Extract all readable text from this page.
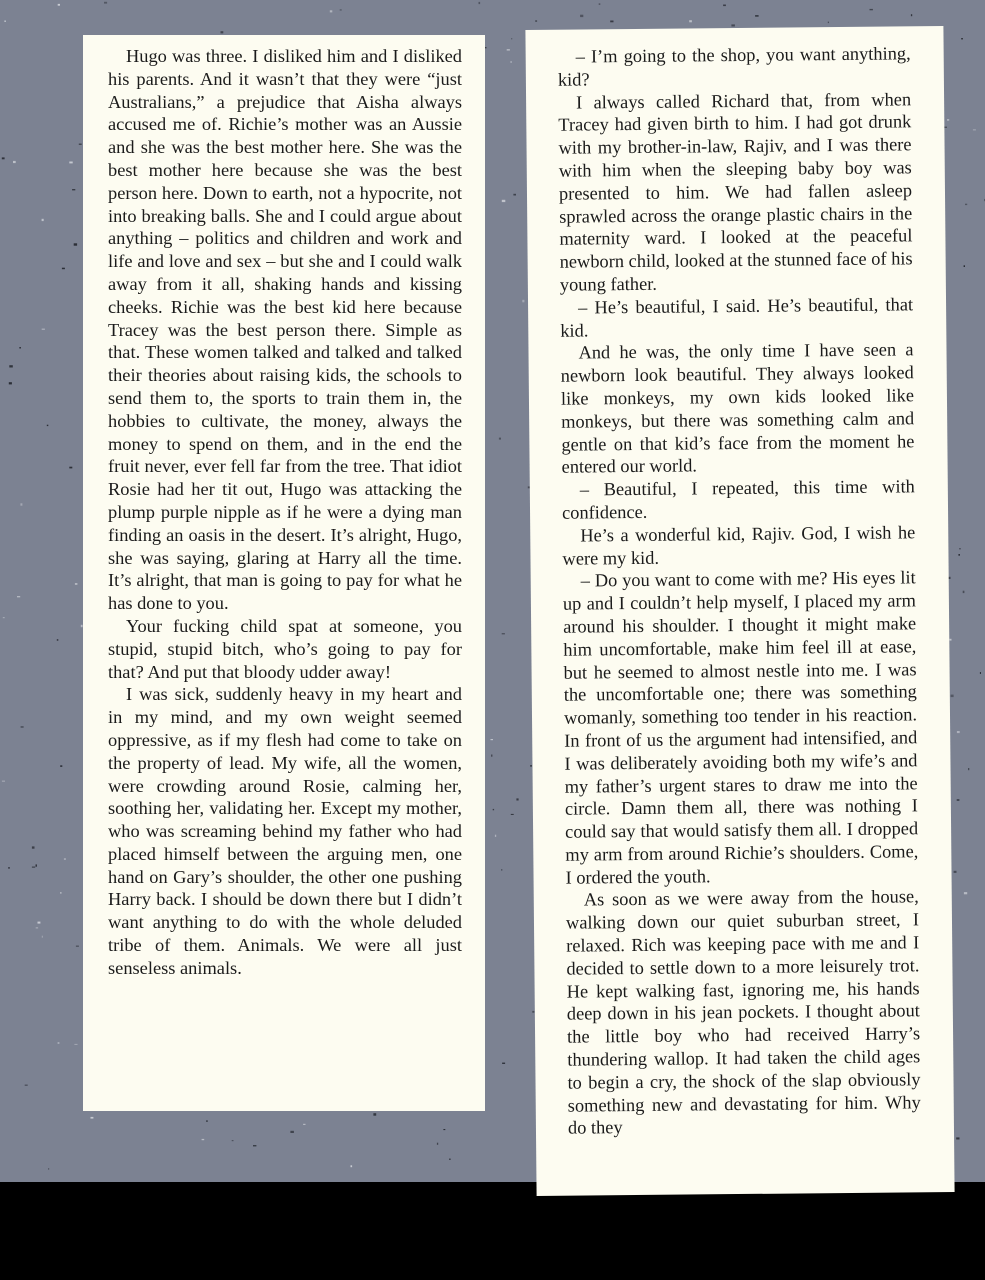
Hugo was three. I disliked him and I disliked his parents. And it wasn’t that they were “just Australians,” a prejudice that Aisha always accused me of. Richie’s mother was an Aussie and she was the best mother here. She was the best mother here because she was the best person here. Down to earth, not a hypocrite, not into breaking balls. She and I could argue about anything – politics and children and work and life and love and sex – but she and I could walk away from it all, shaking hands and kissing cheeks. Richie was the best kid here because Tracey was the best person there. Simple as that. These women talked and talked and talked their theories about raising kids, the schools to send them to, the sports to train them in, the hobbies to cultivate, the money, always the money to spend on them, and in the end the fruit never, ever fell far from the tree. That idiot Rosie had her tit out, Hugo was attacking the plump purple nipple as if he were a dying man finding an oasis in the desert. It’s alright, Hugo, she was saying, glaring at Harry all the time. It’s alright, that man is going to pay for what he has done to you.

Your fucking child spat at someone, you stupid, stupid bitch, who’s going to pay for that? And put that bloody udder away!

I was sick, suddenly heavy in my heart and in my mind, and my own weight seemed oppressive, as if my flesh had come to take on the property of lead. My wife, all the women, were crowding around Rosie, calming her, soothing her, validating her. Except my mother, who was screaming behind my father who had placed himself between the arguing men, one hand on Gary’s shoulder, the other one pushing Harry back. I should be down there but I didn’t want anything to do with the whole deluded tribe of them. Animals. We were all just senseless animals.

– I’m going to the shop, you want anything, kid?

I always called Richard that, from when Tracey had given birth to him. I had got drunk with my brother-in-law, Rajiv, and I was there with him when the sleeping baby boy was presented to him. We had fallen asleep sprawled across the orange plastic chairs in the maternity ward. I looked at the peaceful newborn child, looked at the stunned face of his young father.

– He’s beautiful, I said. He’s beautiful, that kid.

And he was, the only time I have seen a newborn look beautiful. They always looked like monkeys, my own kids looked like monkeys, but there was something calm and gentle on that kid’s face from the moment he entered our world.

– Beautiful, I repeated, this time with confidence.

He’s a wonderful kid, Rajiv. God, I wish he were my kid.

– Do you want to come with me? His eyes lit up and I couldn’t help myself, I placed my arm around his shoulder. I thought it might make him uncomfortable, make him feel ill at ease, but he seemed to almost nestle into me. I was the uncomfortable one; there was something womanly, something too tender in his reaction. In front of us the argument had intensified, and I was deliberately avoiding both my wife’s and my father’s urgent stares to draw me into the circle. Damn them all, there was nothing I could say that would satisfy them all. I dropped my arm from around Richie’s shoulders. Come, I ordered the youth.

As soon as we were away from the house, walking down our quiet suburban street, I relaxed. Rich was keeping pace with me and I decided to settle down to a more leisurely trot. He kept walking fast, ignoring me, his hands deep down in his jean pockets. I thought about the little boy who had received Harry’s thundering wallop. It had taken the child ages to begin a cry, the shock of the slap obviously something new and devastating for him. Why do they
